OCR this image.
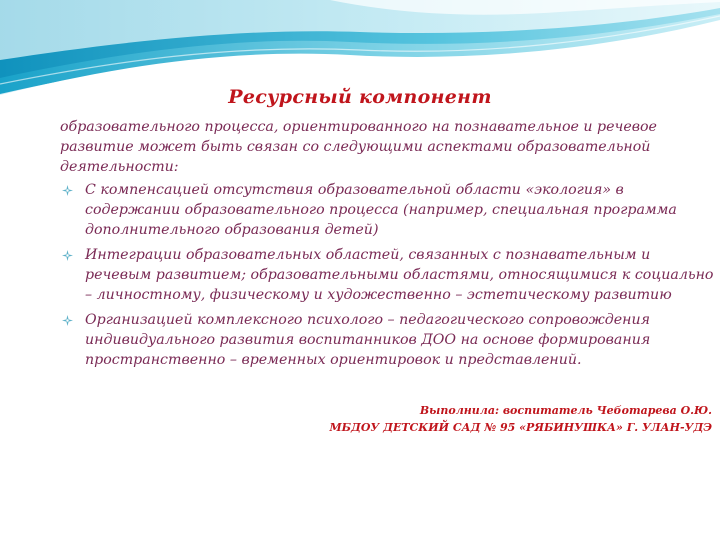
Ресурсный компонент

образовательного процесса, ориентированного на познавательное и речевое развитие может быть связан со следующими аспектами образовательной деятельности:

С компенсацией отсутствия образовательной области «экология» в содержании образовательного процесса (например, специальная программа дополнительного образования детей)
Интеграции образовательных областей, связанных с познавательным и речевым развитием; образовательными областями, относящимися к социально – личностному, физическому и художественно – эстетическому развитию
Организацией комплексного психолого – педагогического сопровождения индивидуального развития воспитанников ДОО на основе формирования пространственно – временных ориентировок и представлений.
Выполнила: воспитатель Чеботарева О.Ю.
МБДОУ ДЕТСКИЙ САД № 95 «РЯБИНУШКА» Г. УЛАН-УДЭ
